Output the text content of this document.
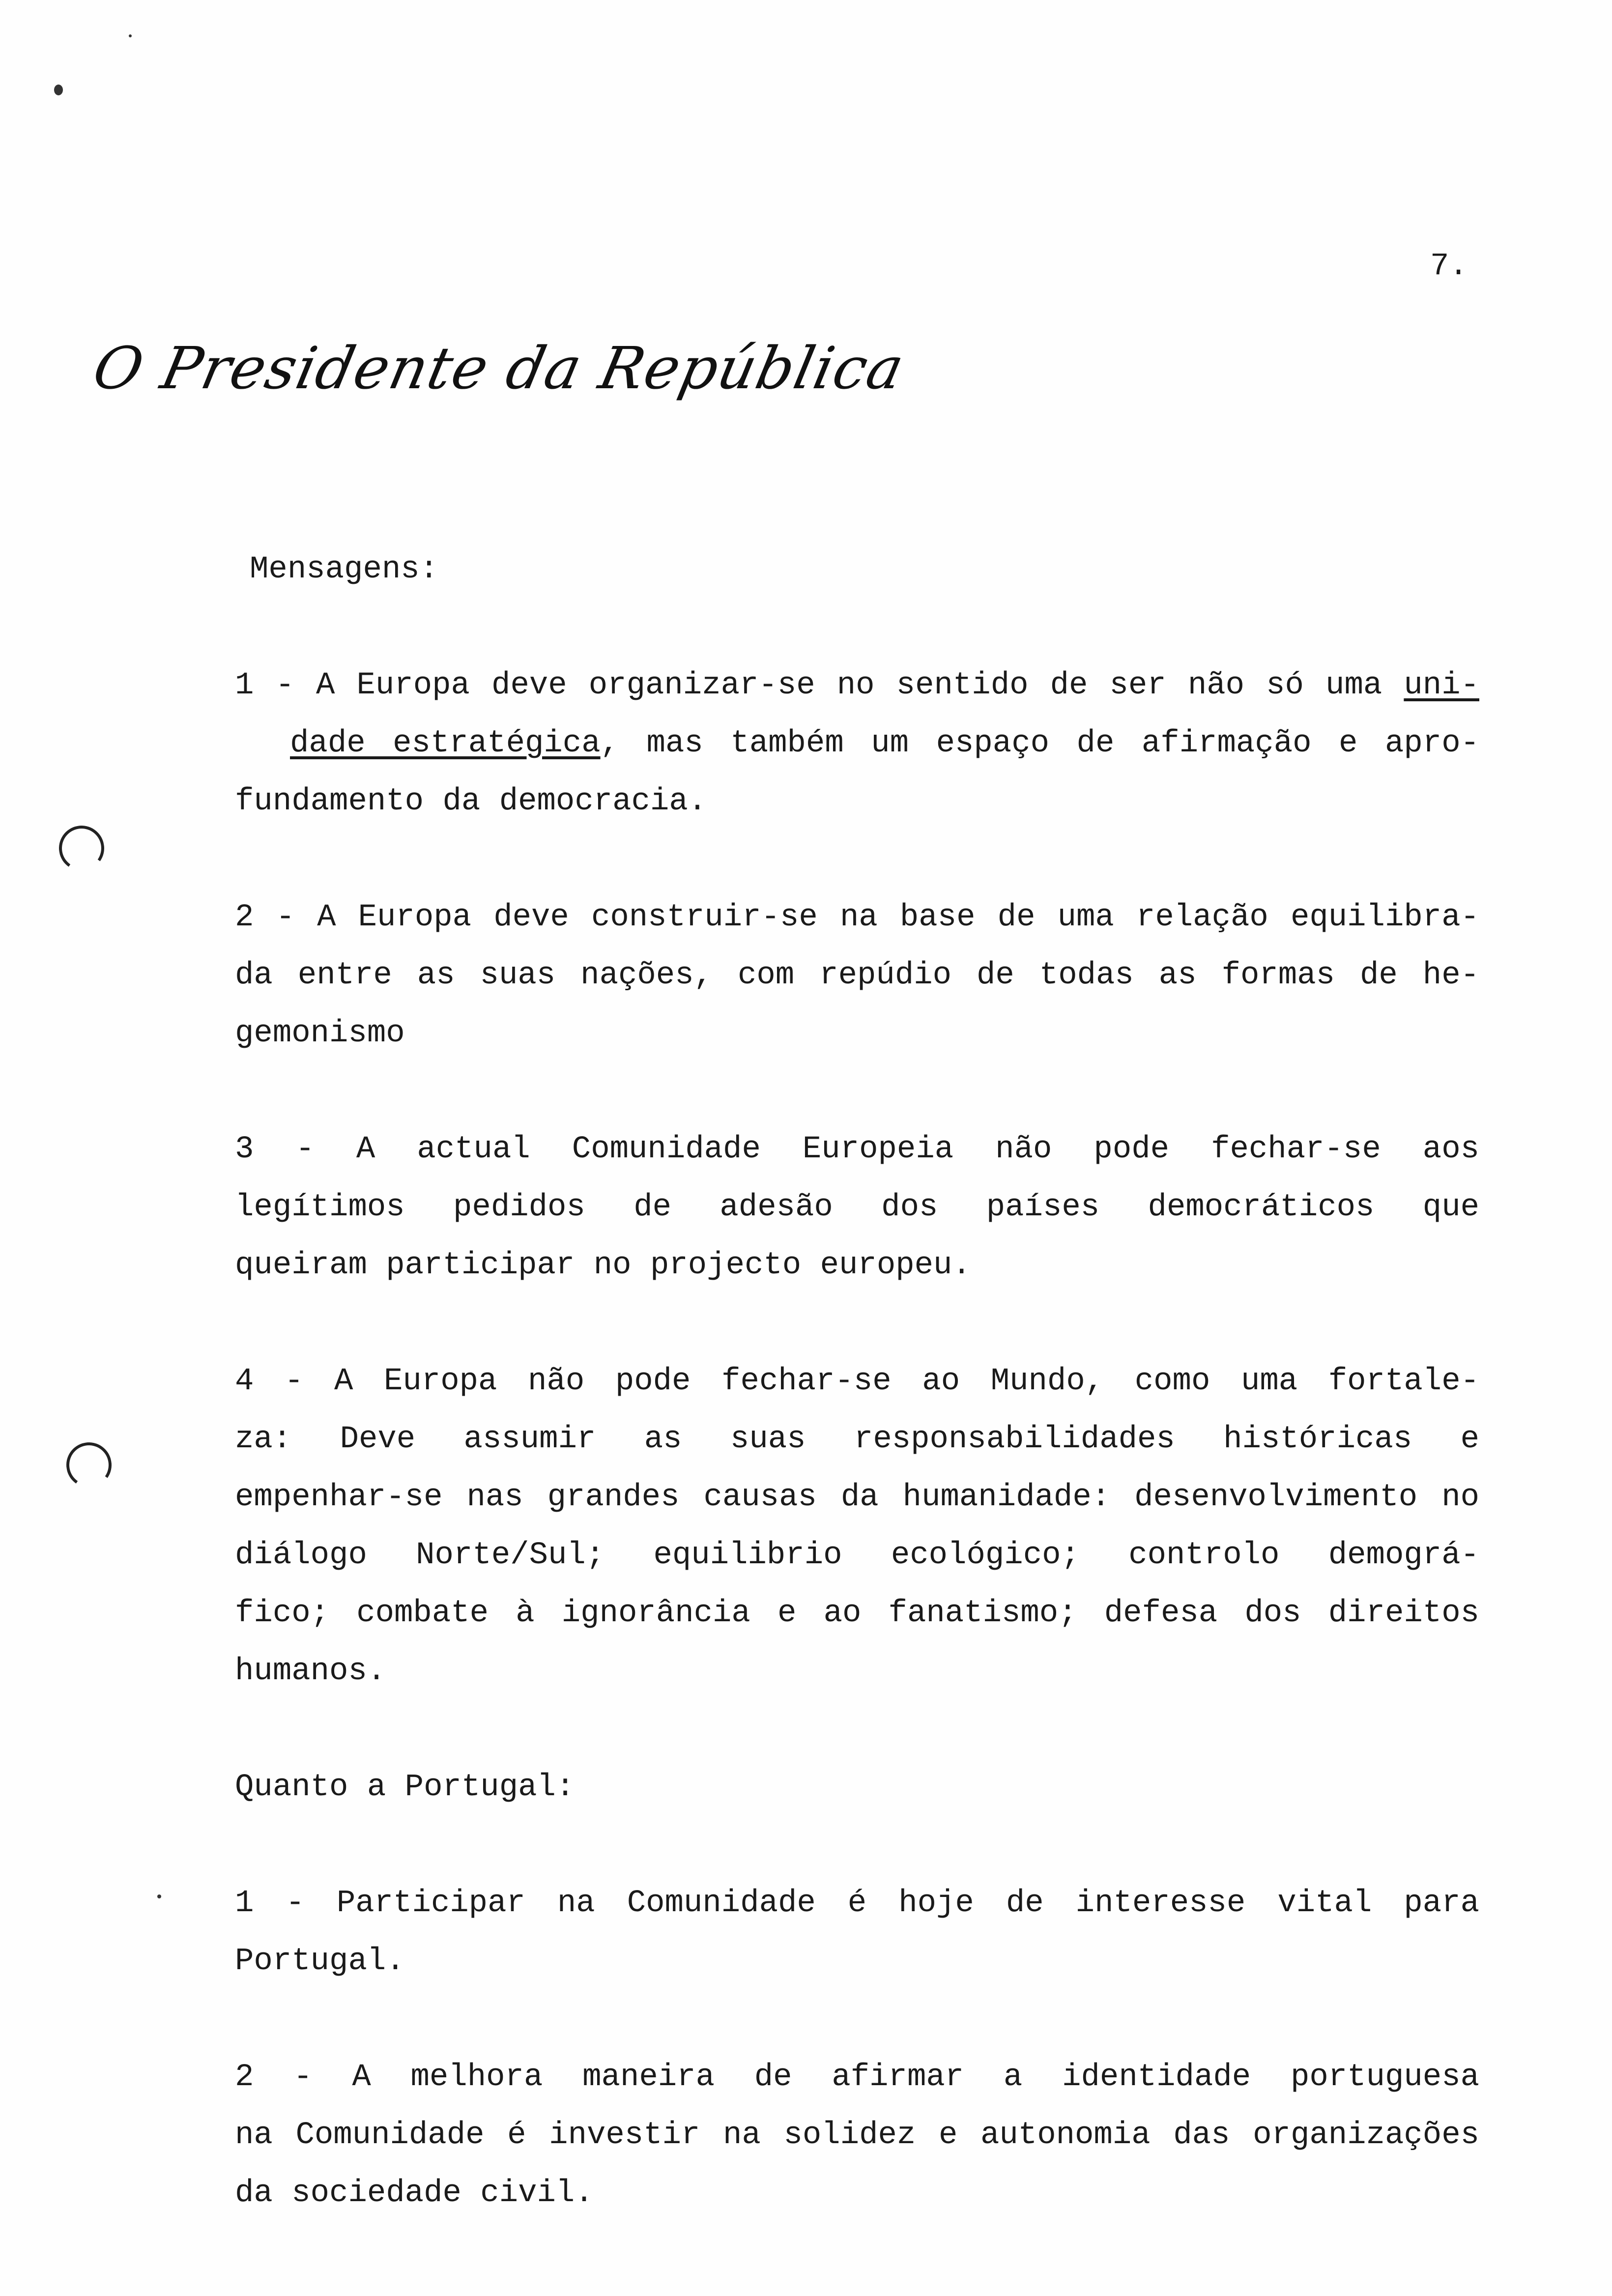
7.
O Presidente da República
Mensagens:
1 - A Europa deve organizar-se no sentido de ser não só uma uni-
dade estratégica, mas também um espaço de afirmação e apro-
fundamento da democracia.
2 - A Europa deve construir-se na base de uma relação equilibra-
da entre as suas nações, com repúdio de todas as formas de he-
gemonismo
3 - A actual Comunidade Europeia não pode fechar-se aos
legítimos pedidos de adesão dos países democráticos que
queiram participar no projecto europeu.
4 - A Europa não pode fechar-se ao Mundo, como uma fortale-
za: Deve assumir as suas responsabilidades históricas e
empenhar-se nas grandes causas da humanidade: desenvolvimento no
diálogo Norte/Sul; equilibrio ecológico; controlo demográ-
fico; combate à ignorância e ao fanatismo; defesa dos direitos
humanos.
Quanto a Portugal:
1 - Participar na Comunidade é hoje de interesse vital para
Portugal.
2 - A melhora maneira de afirmar a identidade portuguesa
na Comunidade é investir na solidez e autonomia das organizações
da sociedade civil.
